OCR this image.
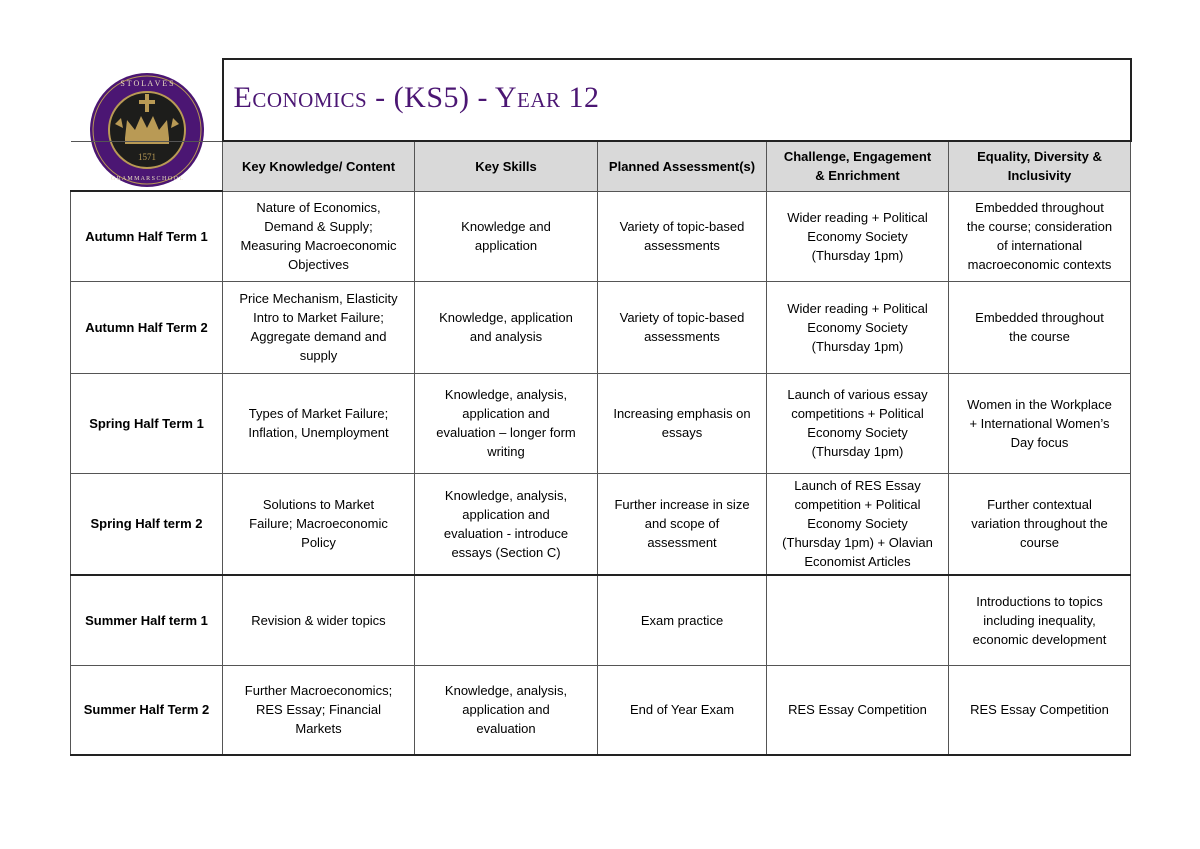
1571
S T O L A V E S
G R A M M A R S C H O O L
	Economics - (KS5) - Year 12				
	Key Knowledge/ Content	Key Skills	Planned Assessment(s)	Challenge, Engagement
& Enrichment	Equality, Diversity &
Inclusivity
Autumn Half Term 1	Nature of Economics,
Demand & Supply;
Measuring Macroeconomic
Objectives	Knowledge and
application	Variety of topic-based
assessments	Wider reading + Political
Economy Society
(Thursday 1pm)	Embedded throughout
the course; consideration
of international
macroeconomic contexts
Autumn Half Term 2	Price Mechanism, Elasticity
Intro to Market Failure;
Aggregate demand and
supply	Knowledge, application
and analysis	Variety of topic-based
assessments	Wider reading + Political
Economy Society
(Thursday 1pm)	Embedded throughout
the course
Spring Half Term 1	Types of Market Failure;
Inflation, Unemployment	Knowledge, analysis,
application and
evaluation – longer form
writing	Increasing emphasis on
essays	Launch of various essay
competitions + Political
Economy Society
(Thursday 1pm)	Women in the Workplace
+ International Women’s
Day focus
Spring Half term 2	Solutions to Market
Failure; Macroeconomic
Policy	Knowledge, analysis,
application and
evaluation - introduce
essays (Section C)	Further increase in size
and scope of
assessment	Launch of RES Essay
competition + Political
Economy Society
(Thursday 1pm) + Olavian
Economist Articles	Further contextual
variation throughout the
course
Summer Half term 1	Revision & wider topics		Exam practice		Introductions to topics
including inequality,
economic development
Summer Half Term 2	Further Macroeconomics;
RES Essay; Financial
Markets	Knowledge, analysis,
application and
evaluation	End of Year Exam	RES Essay Competition	RES Essay Competition
